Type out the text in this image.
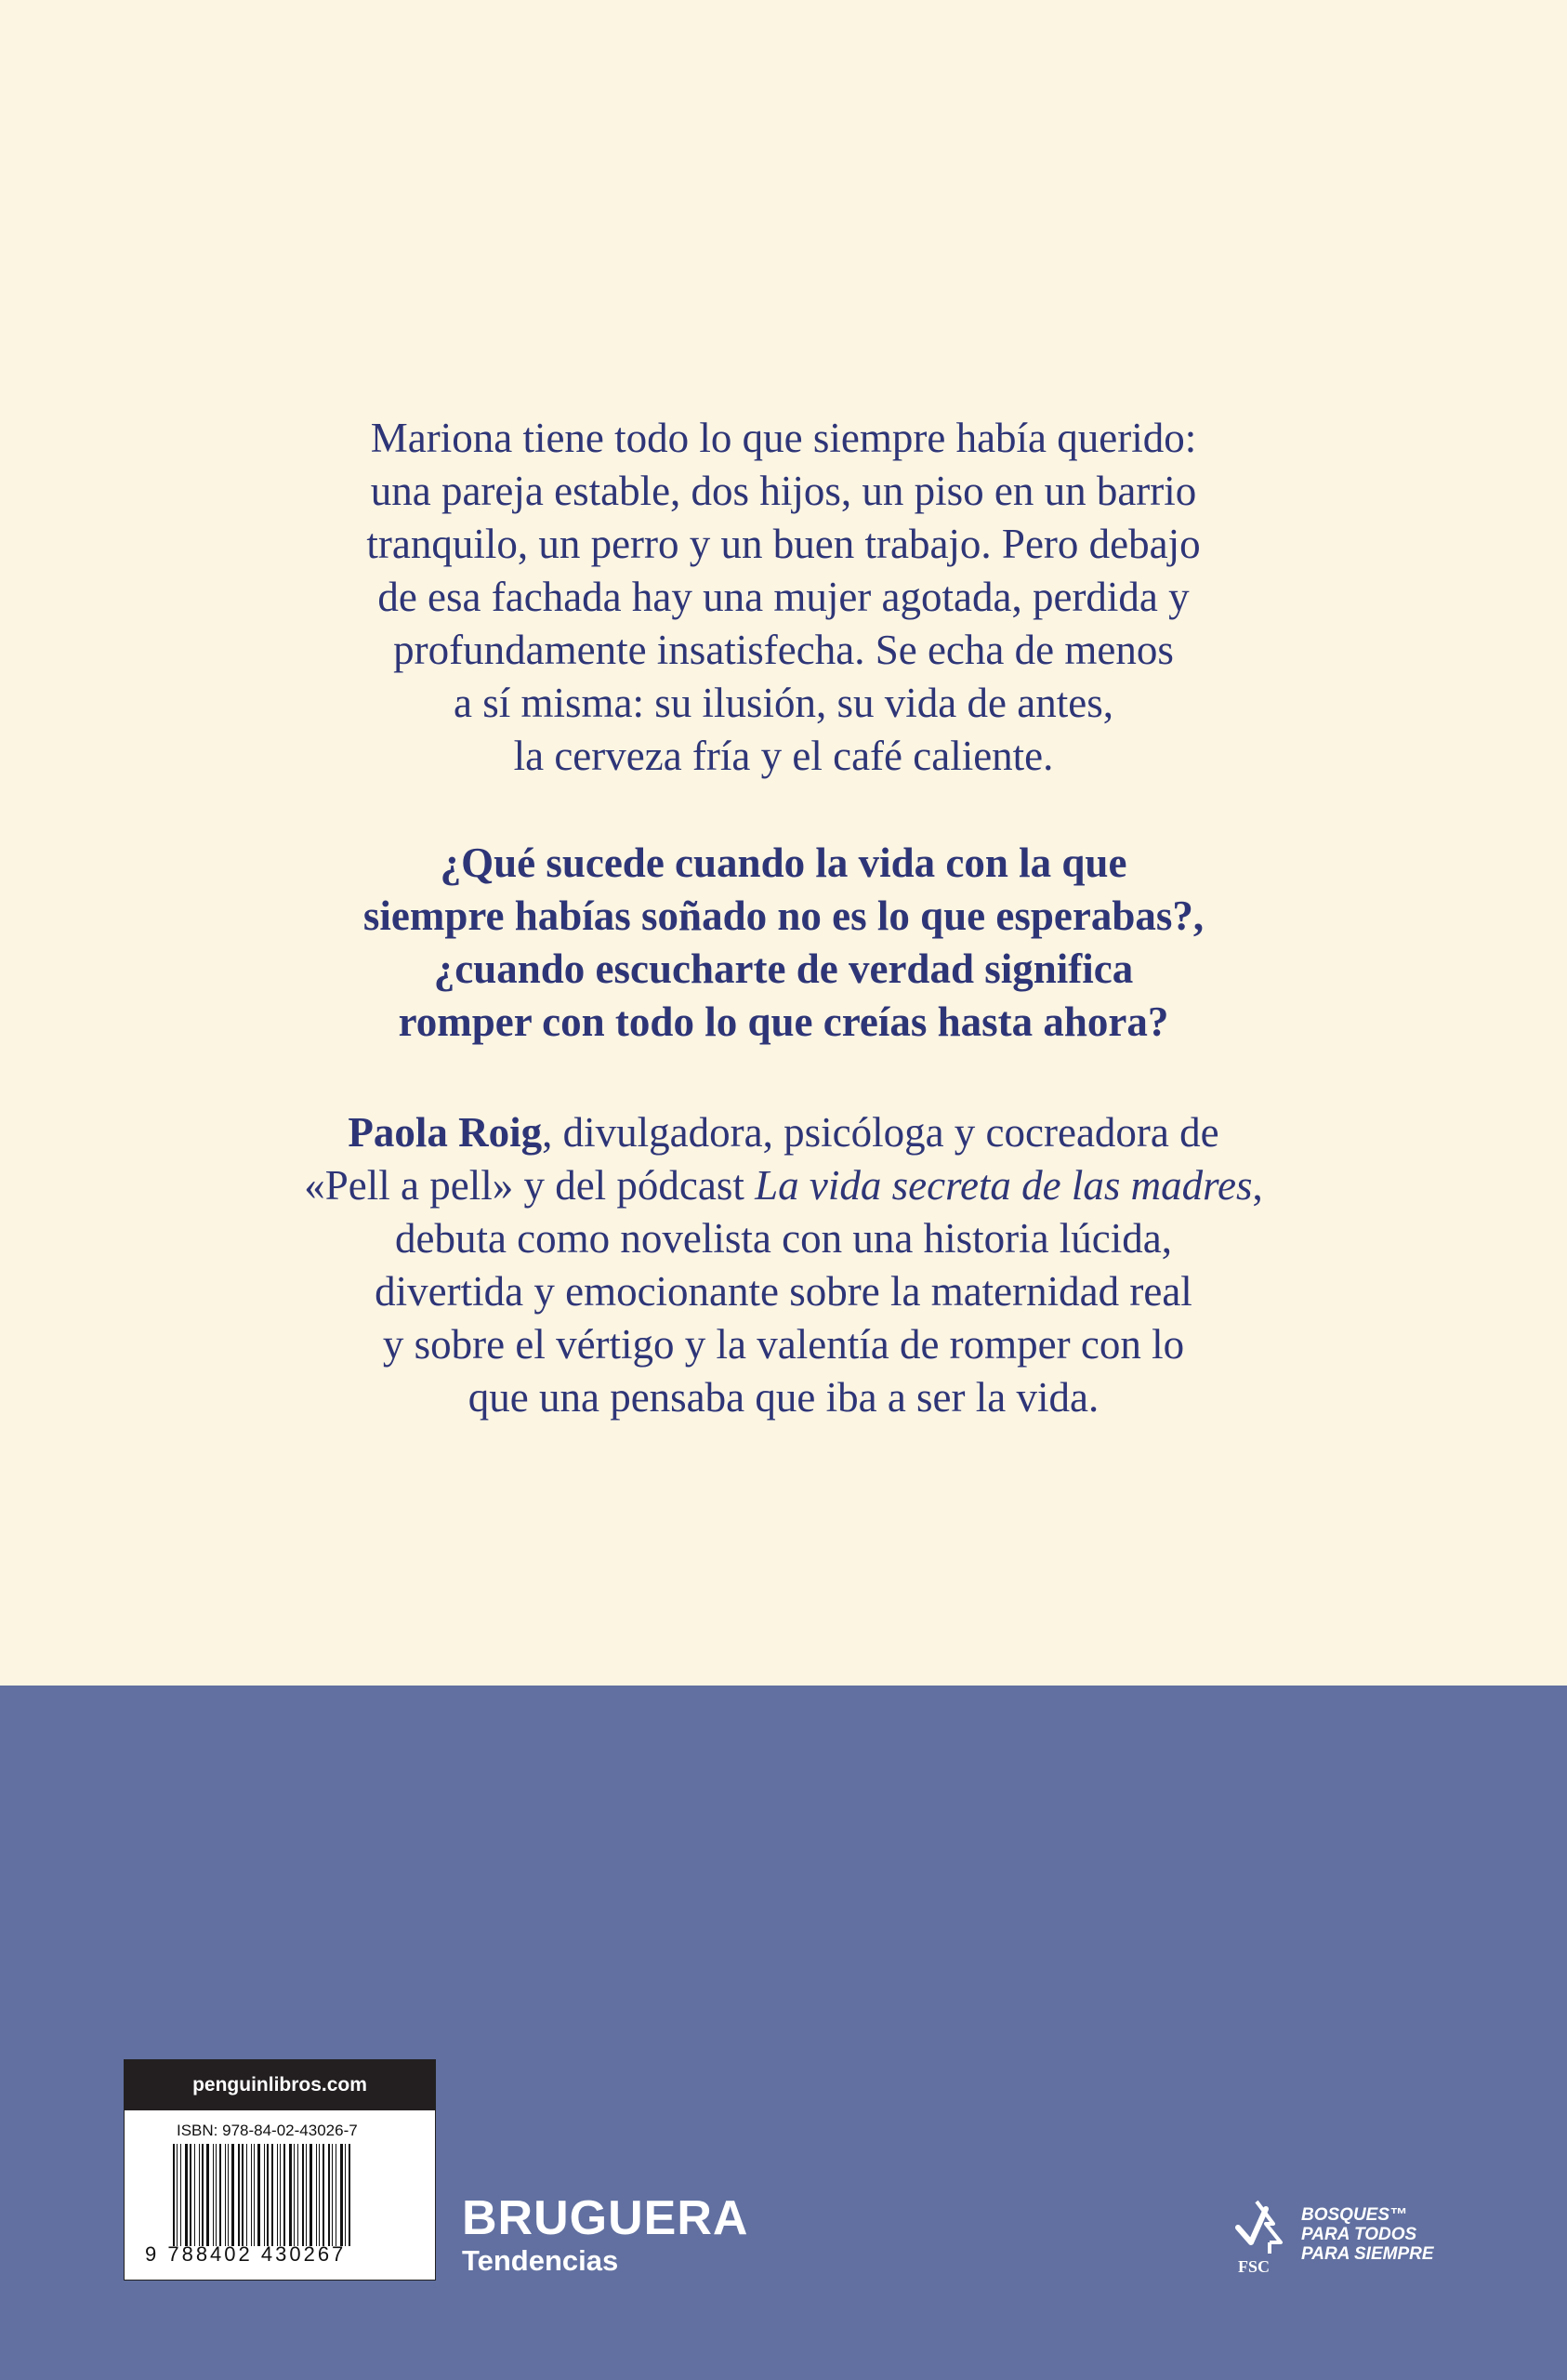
Mariona tiene todo lo que siempre había querido:
una pareja estable, dos hijos, un piso en un barrio
tranquilo, un perro y un buen trabajo. Pero debajo
de esa fachada hay una mujer agotada, perdida y
profundamente insatisfecha. Se echa de menos
a sí misma: su ilusión, su vida de antes,
la cerveza fría y el café caliente.
¿Qué sucede cuando la vida con la que
siempre habías soñado no es lo que esperabas?,
¿cuando escucharte de verdad significa
romper con todo lo que creías hasta ahora?
Paola Roig, divulgadora, psicóloga y cocreadora de
«Pell a pell» y del pódcast La vida secreta de las madres,
debuta como novelista con una historia lúcida,
divertida y emocionante sobre la maternidad real
y sobre el vértigo y la valentía de romper con lo
que una pensaba que iba a ser la vida.
penguinlibros.com
ISBN: 978-84-02-43026-7
9 788402 430267
BRUGUERA
Tendencias	FSC
BOSQUES™
PARA TODOS
PARA SIEMPRE
